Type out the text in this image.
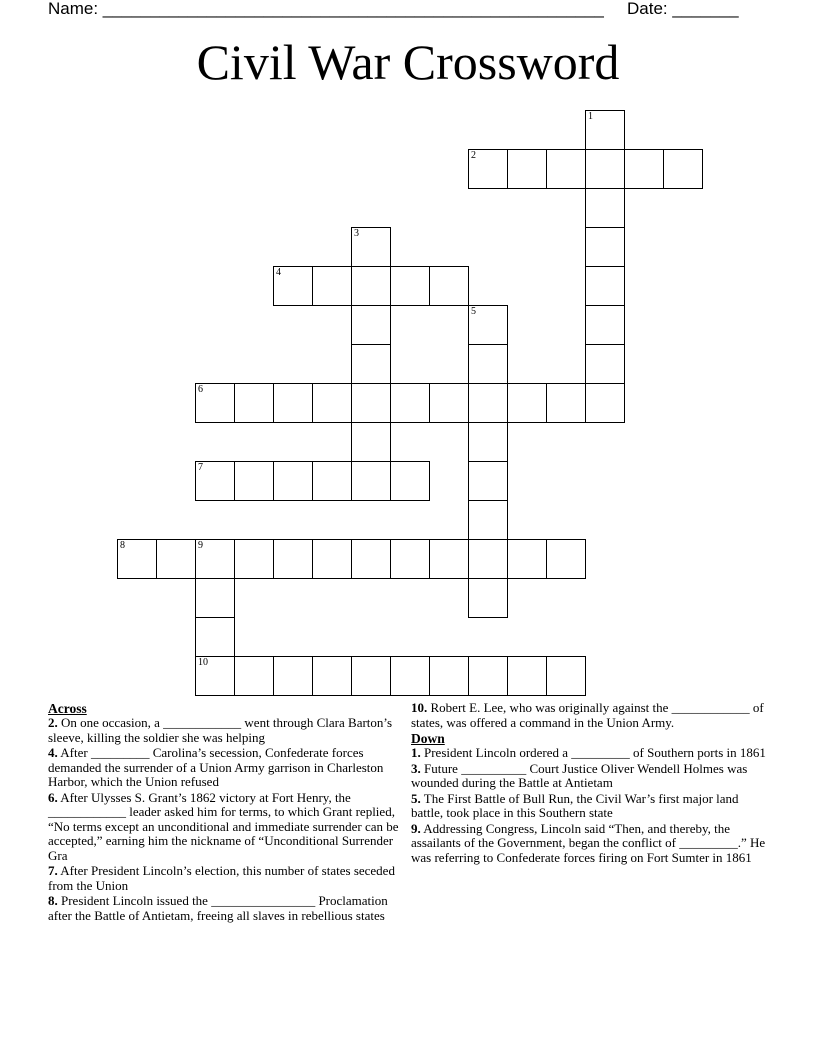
Name: _____________________________________________________ Date: _______
Civil War Crossword
1
2
3
4
5
6
7
8	9
10
Across
2. On one occasion, a ____________ went through Clara Barton’s sleeve, killing the soldier she was helping
4. After _________ Carolina’s secession, Confederate forces demanded the surrender of a Union Army garrison in Charleston Harbor, which the Union refused
6. After Ulysses S. Grant’s 1862 victory at Fort Henry, the ____________ leader asked him for terms, to which Grant replied, “No terms except an unconditional and immediate surrender can be accepted,” earning him the nickname of “Unconditional Surrender Gra
7. After President Lincoln’s election, this number of states seceded from the Union
8. President Lincoln issued the ________________ Proclamation after the Battle of Antietam, freeing all slaves in rebellious states
10. Robert E. Lee, who was originally against the ____________ of states, was offered a command in the Union Army.
Down
1. President Lincoln ordered a _________ of Southern ports in 1861
3. Future __________ Court Justice Oliver Wendell Holmes was wounded during the Battle at Antietam
5. The First Battle of Bull Run, the Civil War’s first major land battle, took place in this Southern state
9. Addressing Congress, Lincoln said “Then, and thereby, the assailants of the Government, began the conflict of _________.” He was referring to Confederate forces firing on Fort Sumter in 1861
